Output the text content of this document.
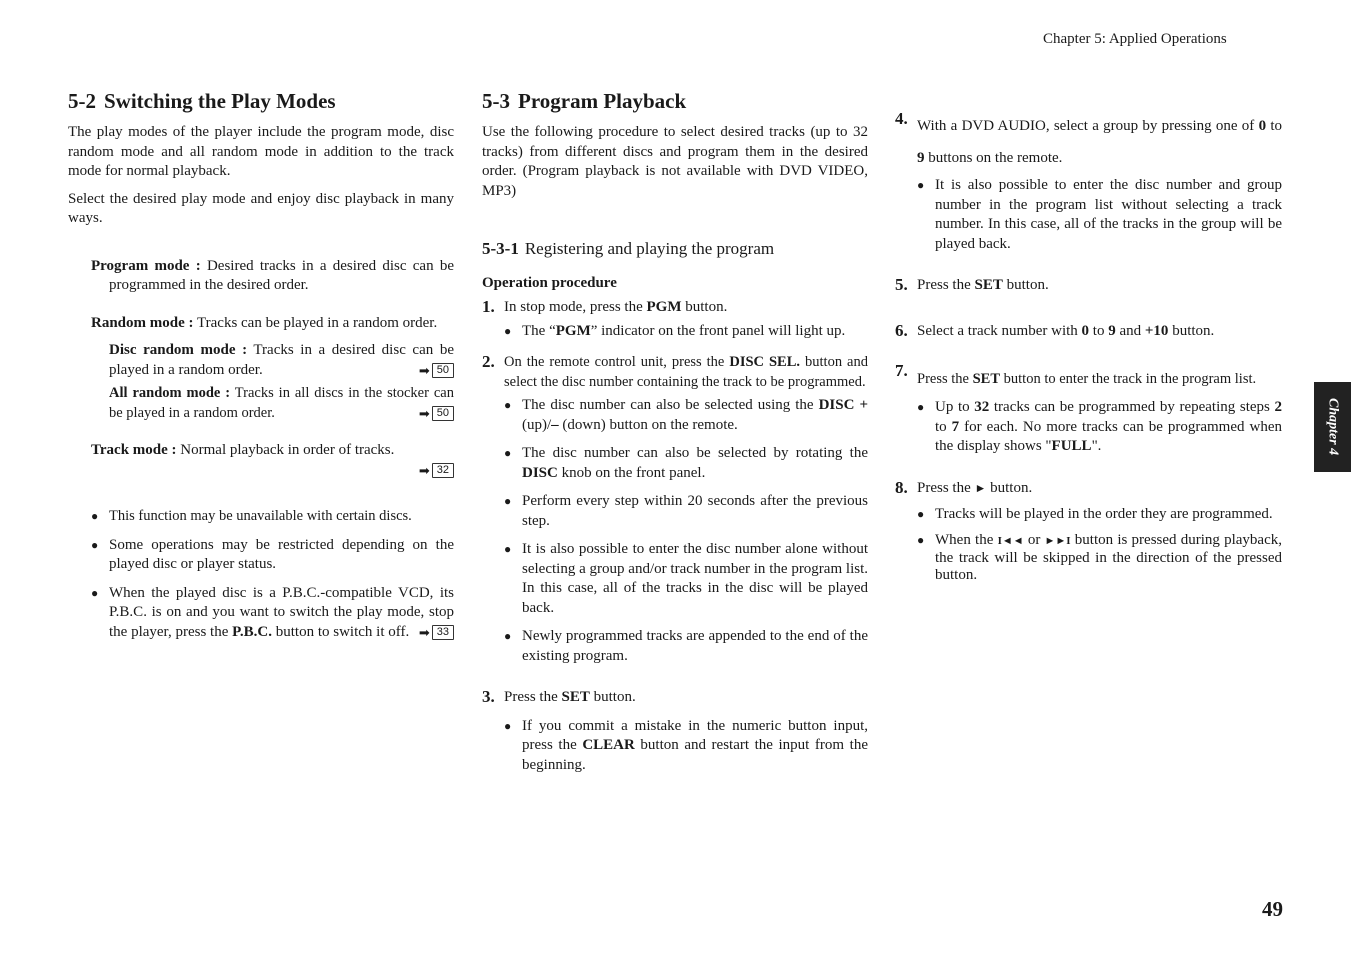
Chapter 5: Applied Operations
5-2 Switching the Play Modes

The play modes of the player include the program mode, disc random mode and all random mode in addition to the track mode for normal playback.

Select the desired play mode and enjoy disc playback in many ways.

Program mode : Desired tracks in a desired disc can be programmed in the desired order.

Random mode : Tracks can be played in a random order.

Disc random mode : Tracks in a desired disc can be played in a random order.	➡ 50

All random mode : Tracks in all discs in the stocker can be played in a random order.	➡ 50

Track mode : Normal playback in order of tracks.

➡ 32

● This function may be unavailable with certain discs.

● Some operations may be restricted depending on the played disc or player status.

● When the played disc is a P.B.C.-compatible VCD, its P.B.C. is on and you want to switch the play mode, stop the player, press the P.B.C. button to switch it off. ➡ 33

5-3 Program Playback

Use the following procedure to select desired tracks (up to 32 tracks) from different discs and program them in the desired order. (Program playback is not available with DVD VIDEO, MP3)

5-3-1 Registering and playing the program
Operation procedure
1. In stop mode, press the PGM button.

● The “PGM” indicator on the front panel will light up.

2. On the remote control unit, press the DISC SEL. button and select the disc number containing the track to be programmed.

● The disc number can also be selected using the DISC + (up)/– (down) button on the remote.

● The disc number can also be selected by rotating the DISC knob on the front panel.

● Perform every step within 20 seconds after the previous step.

● It is also possible to enter the disc number alone without selecting a group and/or track number in the program list. In this case, all of the tracks in the disc will be played back.

● Newly programmed tracks are appended to the end of the existing program.

3. Press the SET button.

● If you commit a mistake in the numeric button input, press the CLEAR button and restart the input from the beginning.

4. With a DVD AUDIO, select a group by pressing one of 0 to 9 buttons on the remote.

● It is also possible to enter the disc number and group number in the program list without selecting a track number. In this case, all of the tracks in the group will be played back.

5. Press the SET button.

6. Select a track number with 0 to 9 and +10 button.

7. Press the SET button to enter the track in the program list.

● Up to 32 tracks can be programmed by repeating steps 2 to 7 for each. No more tracks can be programmed when the display shows "FULL".

8. Press the ► button.

● Tracks will be played in the order they are programmed.

● When the I◄◄ or ►►I button is pressed during playback, the track will be skipped in the direction of the pressed button.

Chapter 4
49
